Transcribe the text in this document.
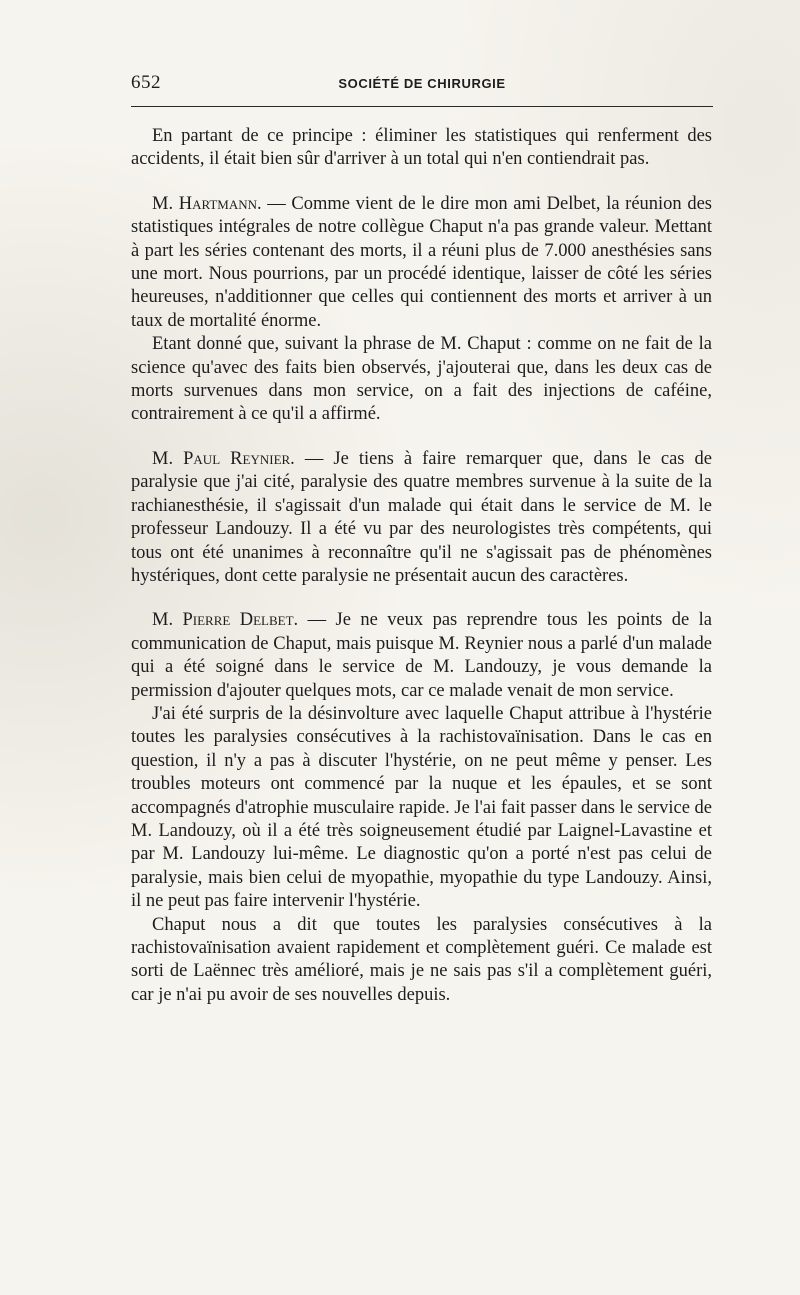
652	SOCIÉTÉ DE CHIRURGIE

En partant de ce principe : éliminer les statistiques qui renferment des accidents, il était bien sûr d'arriver à un total qui n'en contiendrait pas.

M. Hartmann. — Comme vient de le dire mon ami Delbet, la réunion des statistiques intégrales de notre collègue Chaput n'a pas grande valeur. Mettant à part les séries contenant des morts, il a réuni plus de 7.000 anesthésies sans une mort. Nous pourrions, par un procédé identique, laisser de côté les séries heureuses, n'additionner que celles qui contiennent des morts et arriver à un taux de mortalité énorme.

Etant donné que, suivant la phrase de M. Chaput : comme on ne fait de la science qu'avec des faits bien observés, j'ajouterai que, dans les deux cas de morts survenues dans mon service, on a fait des injections de caféine, contrairement à ce qu'il a affirmé.

M. Paul Reynier. — Je tiens à faire remarquer que, dans le cas de paralysie que j'ai cité, paralysie des quatre membres survenue à la suite de la rachianesthésie, il s'agissait d'un malade qui était dans le service de M. le professeur Landouzy. Il a été vu par des neurologistes très compétents, qui tous ont été unanimes à reconnaître qu'il ne s'agissait pas de phénomènes hystériques, dont cette paralysie ne présentait aucun des caractères.

M. Pierre Delbet. — Je ne veux pas reprendre tous les points de la communication de Chaput, mais puisque M. Reynier nous a parlé d'un malade qui a été soigné dans le service de M. Landouzy, je vous demande la permission d'ajouter quelques mots, car ce malade venait de mon service.

J'ai été surpris de la désinvolture avec laquelle Chaput attribue à l'hystérie toutes les paralysies consécutives à la rachistovaïnisation. Dans le cas en question, il n'y a pas à discuter l'hystérie, on ne peut même y penser. Les troubles moteurs ont commencé par la nuque et les épaules, et se sont accompagnés d'atrophie musculaire rapide. Je l'ai fait passer dans le service de M. Landouzy, où il a été très soigneusement étudié par Laignel-Lavastine et par M. Landouzy lui-même. Le diagnostic qu'on a porté n'est pas celui de paralysie, mais bien celui de myopathie, myopathie du type Landouzy. Ainsi, il ne peut pas faire intervenir l'hystérie.

Chaput nous a dit que toutes les paralysies consécutives à la rachistovaïnisation avaient rapidement et complètement guéri. Ce malade est sorti de Laënnec très amélioré, mais je ne sais pas s'il a complètement guéri, car je n'ai pu avoir de ses nouvelles depuis.
